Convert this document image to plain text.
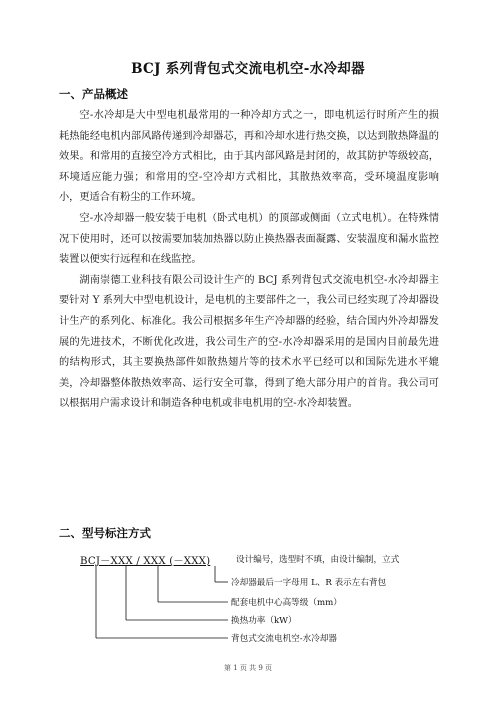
BCJ 系列背包式交流电机空-水冷却器
一、产品概述

空-水冷却是大中型电机最常用的一种冷却方式之一，即电机运行时所产生的损耗热能经电机内部风路传递到冷却器芯，再和冷却水进行热交换，以达到散热降温的效果。和常用的直接空冷方式相比，由于其内部风路是封闭的，故其防护等级较高，环境适应能力强；和常用的空-空冷却方式相比，其散热效率高，受环境温度影响小，更适合有粉尘的工作环境。

空-水冷却器一般安装于电机（卧式电机）的顶部或侧面（立式电机）。在特殊情况下使用时，还可以按需要加装加热器以防止换热器表面凝露、安装温度和漏水监控装置以便实行远程和在线监控。

湖南崇德工业科技有限公司设计生产的 BCJ 系列背包式交流电机空-水冷却器主要针对 Y 系列大中型电机设计，是电机的主要部件之一，我公司已经实现了冷却器设计生产的系列化、标准化。我公司根据多年生产冷却器的经验，结合国内外冷却器发展的先进技术，不断优化改进，我公司生产的空-水冷却器采用的是国内目前最先进的结构形式，其主要换热部件如散热翅片等的技术水平已经可以和国际先进水平媲美，冷却器整体散热效率高、运行安全可靠，得到了绝大部分用户的首肯。我公司可以根据用户需求设计和制造各种电机或非电机用的空-水冷却装置。

二、型号标注方式
BCJ－XXX / XXX (－XXX)	设计编号，选型时不填，由设计编制，立式
冷却器最后一字母用 L、R 表示左右背包
配套电机中心高等级（mm）
换热功率（kW）
背包式交流电机空-水冷却器
第 1 页 共 9 页
